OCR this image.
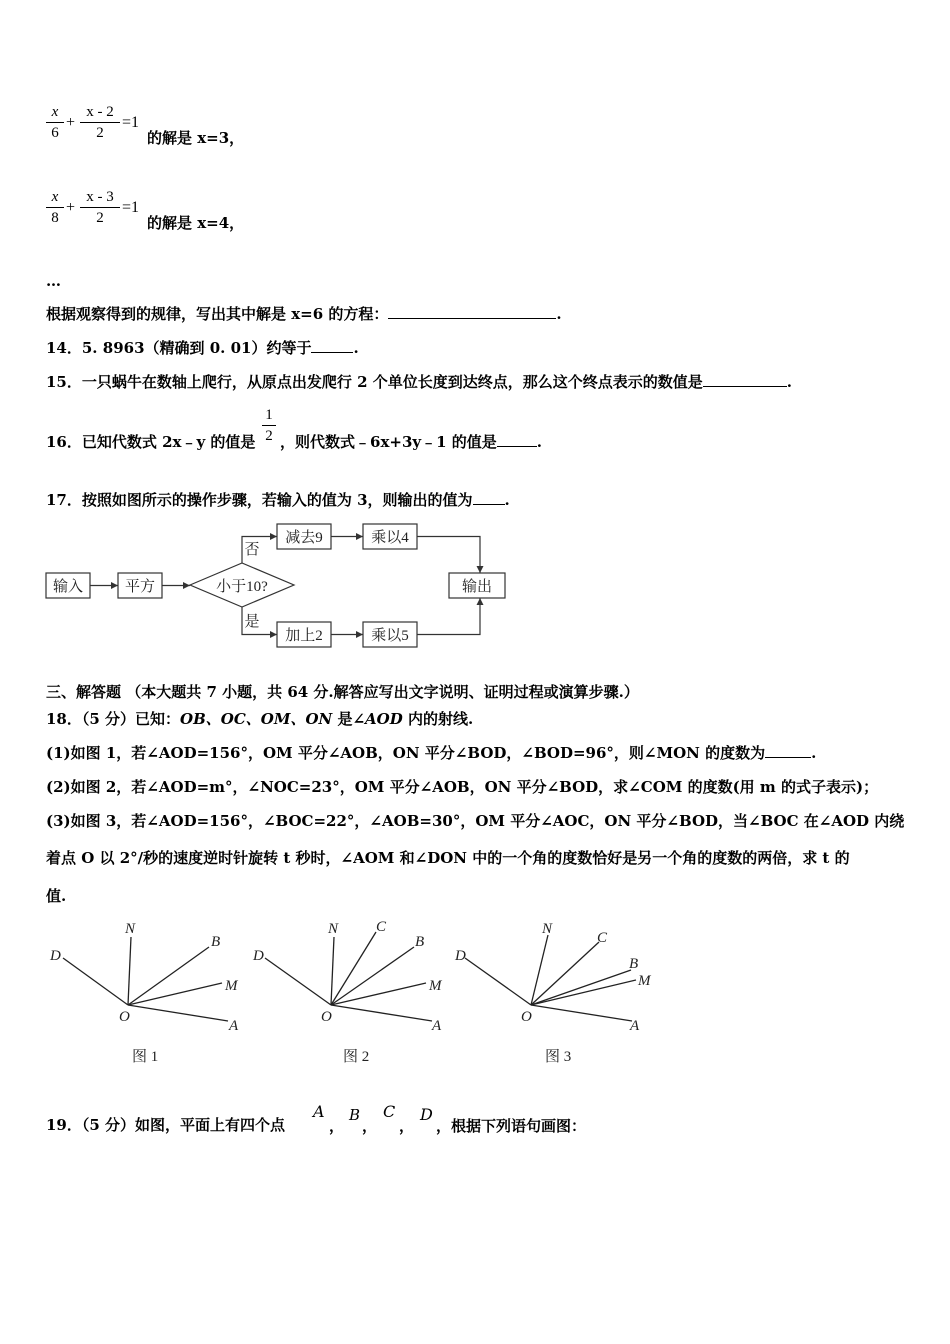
x
6
+
x - 2
2
=1
的解是 x=3，
x
8
+
x - 3
2
=1
的解是 x=4，
…
根据观察得到的规律，写出其中解是 x=6 的方程：	.
14．5. 8963（精确到 0. 01）约等于	.
15．一只蜗牛在数轴上爬行，从原点出发爬行 2 个单位长度到达终点，那么这个终点表示的数值是	.
16．已知代数式 2x﹣y 的值是
1
2 ，则代数式﹣6x+3y﹣1 的值是	.
17．按照如图所示的操作步骤，若输入的值为 3，则输出的值为 .
输入	平方	小于10?
减去9	乘以4
加上2	乘以5
输出
否
是
三、解答题 （本大题共 7 小题，共 64 分.解答应写出文字说明、证明过程或演算步骤.）
18．（5 分）已知：OB、OC、OM、ON 是∠AOD 内的射线.
(1)如图 1，若∠AOD=156°，OM 平分∠AOB，ON 平分∠BOD，∠BOD=96°，则∠MON 的度数为	.
(2)如图 2，若∠AOD=m°，∠NOC=23°，OM 平分∠AOB，ON 平分∠BOD，求∠COM 的度数(用 m 的式子表示)；
(3)如图 3，若∠AOD=156°，∠BOC=22°，∠AOB=30°，OM 平分∠AOC，ON 平分∠BOD，当∠BOC 在∠AOD 内绕
着点 O 以 2°/秒的速度逆时针旋转 t 秒时，∠AOM 和∠DON 中的一个角的度数恰好是另一个角的度数的两倍，求 t 的
值.
D
N
B
M
O
A
D
N	C
B
M
O
A
D
N
C
B
M
O
A
图 1	图 2	图 3
19．（5 分）如图，平面上有四个点
A
，
B
，
C
，
D
，根据下列语句画图：
